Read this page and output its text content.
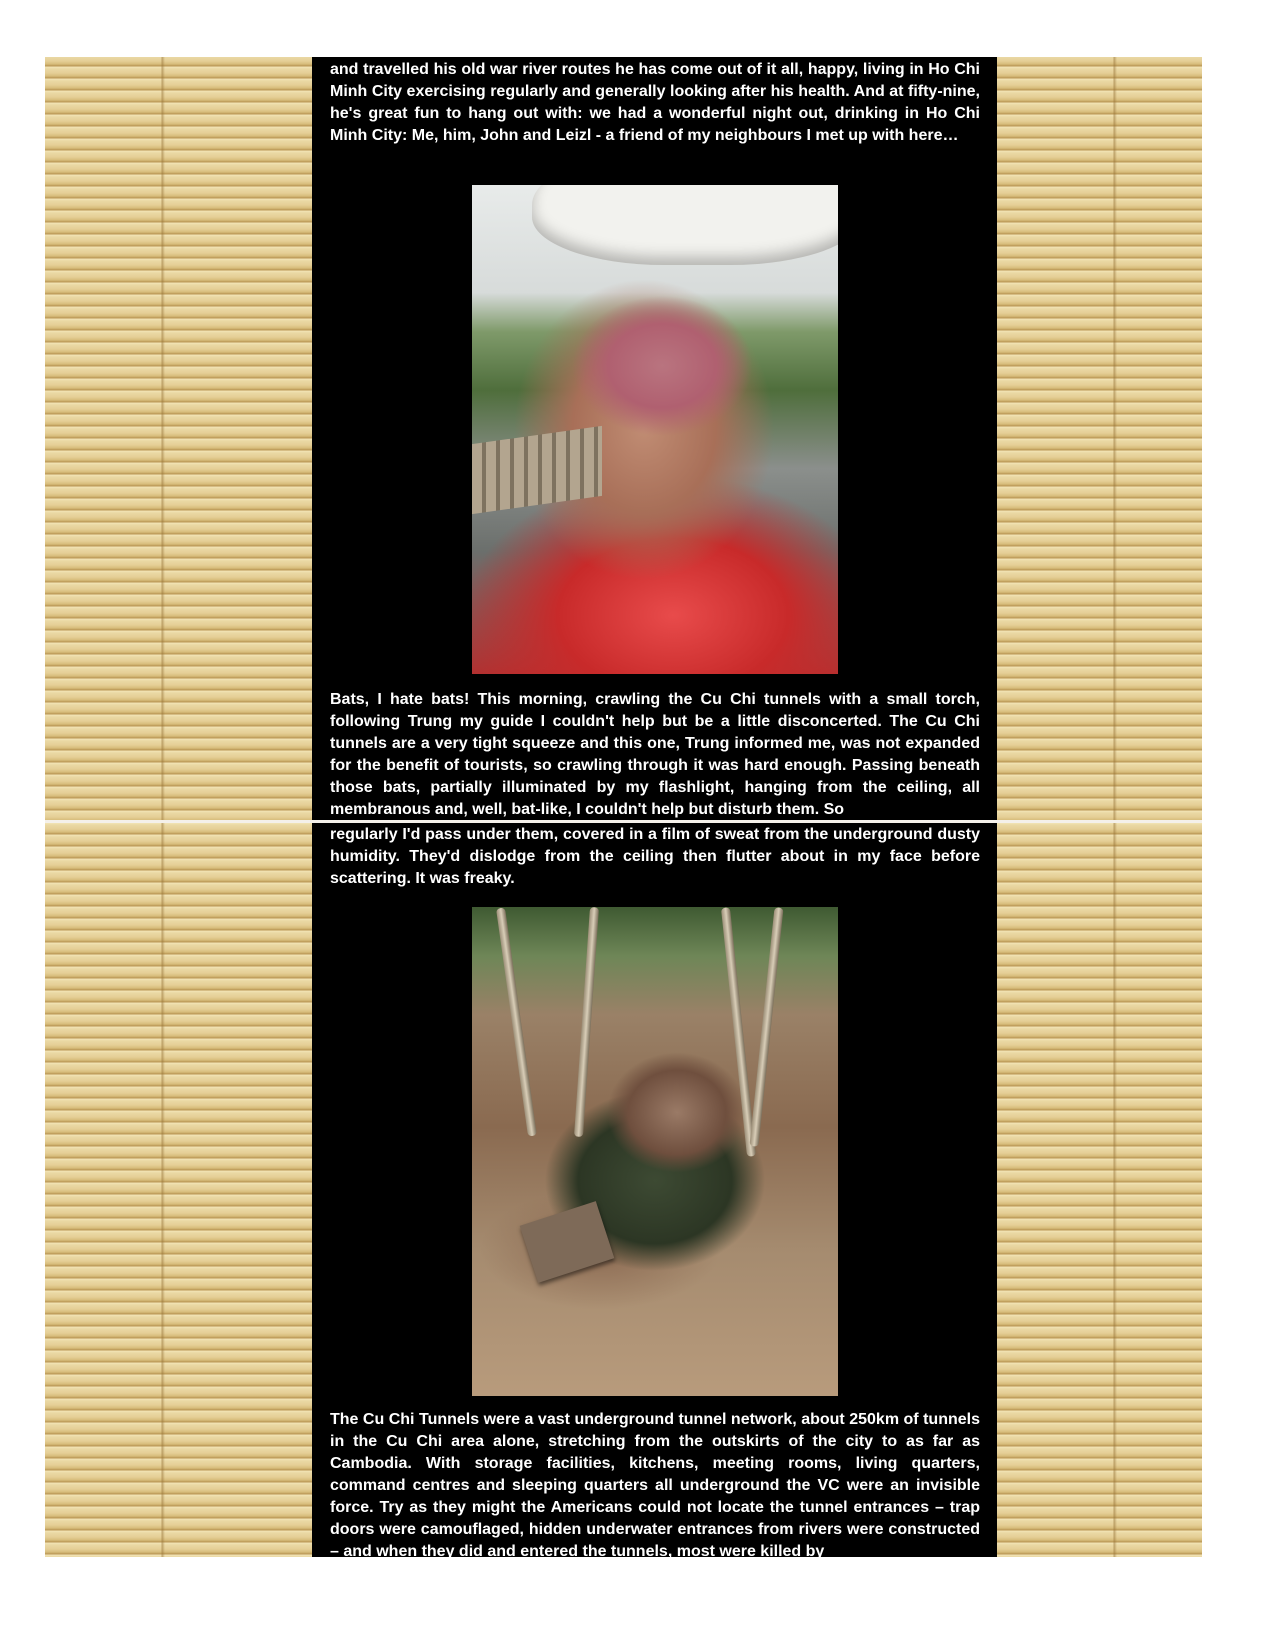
and travelled his old war river routes he has come out of it all, happy, living in Ho Chi Minh City exercising regularly and generally looking after his health. And at fifty-nine, he's great fun to hang out with: we had a wonderful night out, drinking in Ho Chi Minh City: Me, him, John and Leizl - a friend of my neighbours I met up with here…

Bats, I hate bats! This morning, crawling the Cu Chi tunnels with a small torch, following Trung my guide I couldn't help but be a little disconcerted. The Cu Chi tunnels are a very tight squeeze and this one, Trung informed me, was not expanded for the benefit of tourists, so crawling through it was hard enough. Passing beneath those bats, partially illuminated by my flashlight, hanging from the ceiling, all membranous and, well, bat-like, I couldn't help but disturb them. So

regularly I'd pass under them, covered in a film of sweat from the underground dusty humidity. They'd dislodge from the ceiling then flutter about in my face before scattering. It was freaky.

The Cu Chi Tunnels were a vast underground tunnel network, about 250km of tunnels in the Cu Chi area alone, stretching from the outskirts of the city to as far as Cambodia. With storage facilities, kitchens, meeting rooms, living quarters, command centres and sleeping quarters all underground the VC were an invisible force. Try as they might the Americans could not locate the tunnel entrances – trap doors were camouflaged, hidden underwater entrances from rivers were constructed – and when they did and entered the tunnels, most were killed by
